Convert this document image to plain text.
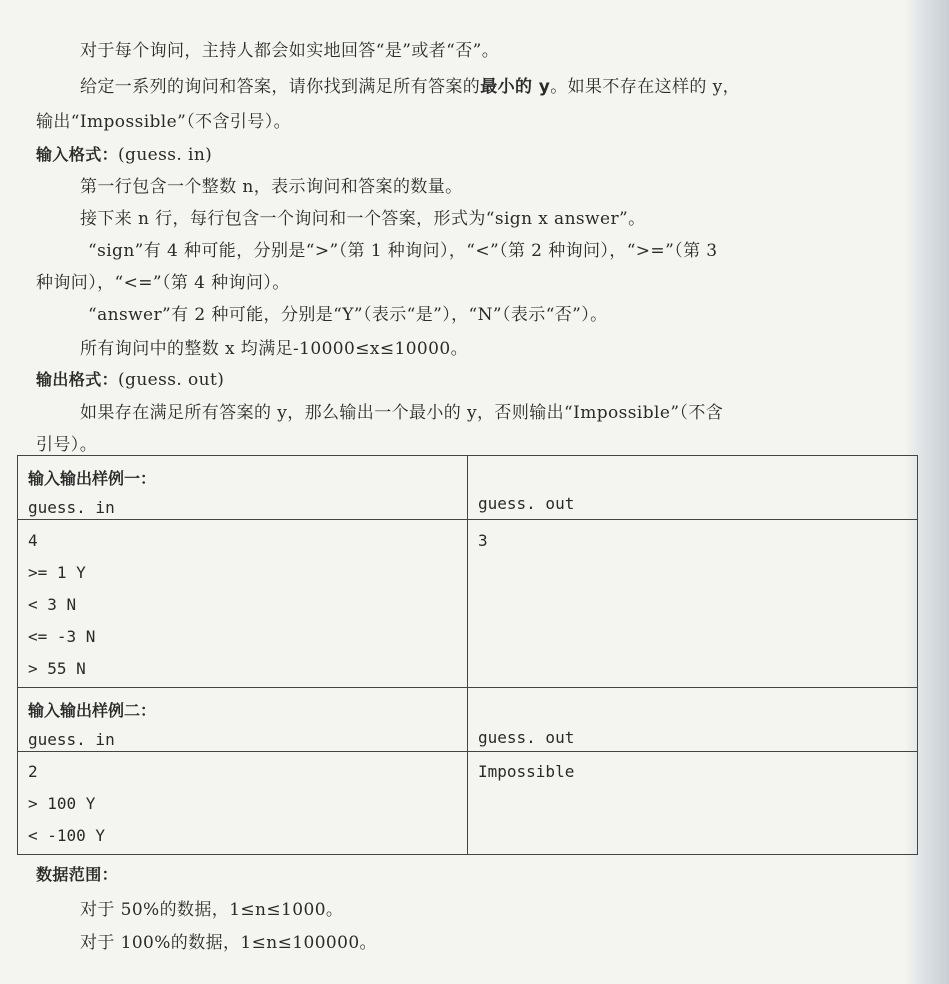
对于每个询问，主持人都会如实地回答“是”或者“否”。
给定一系列的询问和答案，请你找到满足所有答案的最小的 y。如果不存在这样的 y，
输出“Impossible”（不含引号）。
输入格式：(guess. in)
第一行包含一个整数 n，表示询问和答案的数量。
接下来 n 行，每行包含一个询问和一个答案，形式为“sign x answer”。
“sign”有 4 种可能，分别是“>”（第 1 种询问），“<”（第 2 种询问），“>=”（第 3
种询问），“<=”（第 4 种询问）。
“answer”有 2 种可能，分别是“Y”（表示“是”），“N”（表示“否”）。
所有询问中的整数 x 均满足-10000≤x≤10000。
输出格式：(guess. out)
如果存在满足所有答案的 y，那么输出一个最小的 y，否则输出“Impossible”（不含
引号）。
输入输出样例一：
guess. in	guess. out

4
>= 1 Y
< 3 N
<= -3 N
> 55 N	3

输入输出样例二：
guess. in	guess. out

2
> 100 Y
< -100 Y	Impossible
数据范围：
对于 50%的数据，1≤n≤1000。
对于 100%的数据，1≤n≤100000。
